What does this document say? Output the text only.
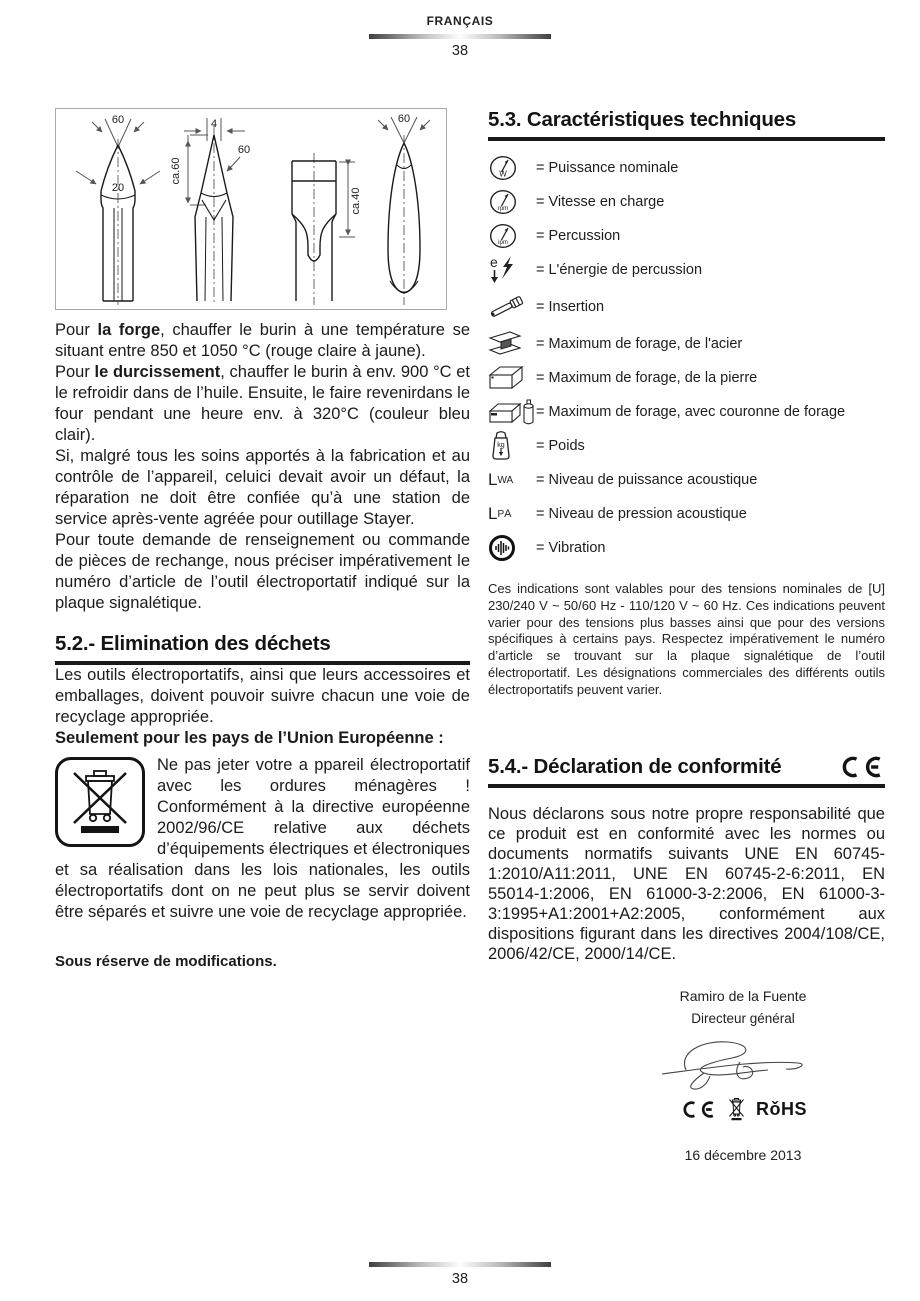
FRANÇAIS
38
60
20
4
ca.60
60
ca.40
60

Pour la forge, chauffer le burin à une température se situant entre 850 et 1050 °C (rouge claire à jaune).

Pour le durcissement, chauffer le burin à env. 900 °C et le refroidir dans de l’huile. Ensuite, le faire revenirdans le four pendant une heure env. à 320°C (couleur bleu clair).

Si, malgré tous les soins apportés à la fabrication et au contrôle de l’appareil, celuici devait avoir un défaut, la réparation ne doit être confiée qu’à une station de service après-vente agréée pour outillage Stayer.

Pour toute demande de renseignement ou commande de pièces de rechange, nous préciser impérativement le numéro d’article de l’outil électroportatif indiqué sur la plaque signalétique.

5.2.- Elimination des déchets

Les outils électroportatifs, ainsi que leurs accessoires et emballages, doivent pouvoir suivre chacun une voie de recyclage appropriée.

Seulement pour les pays de l’Union Européenne :

Ne pas jeter votre a ppareil électroportatif avec les ordures ménagères ! Conformément à la directive européenne 2002/96/CE relative aux déchets d’équipements électriques et électroniques et sa réalisation dans les lois nationales, les outils électroportatifs dont on ne peut plus se servir doivent être séparés et suivre une voie de recyclage appropriée.

Sous réserve de modifications.

5.3. Caractéristiques techniques
W = Puissance nominale
rpm = Vitesse en charge
ipm = Percussion
e	= L'énergie de percussion
= Insertion
= Maximum de forage, de l'acier
= Maximum de forage, de la pierre
= Maximum de forage, avec couronne de forage
kg = Poids
L WA = Niveau de puissance acoustique
L P A = Niveau de pression acoustique
= Vibration

Ces indications sont valables pour des tensions nominales de [U] 230/240 V ~ 50/60 Hz - 110/120 V ~ 60 Hz. Ces indications peuvent varier pour des tensions plus basses ainsi que pour des versions spécifiques à certains pays. Respectez impérativement le numéro d’article se trouvant sur la plaque signalétique de l’outil électroportatif. Les désignations commerciales des différents outils électroportatifs peuvent varier.

5.4.- Déclaration de conformité

Nous déclarons sous notre propre responsabilité que ce produit est en conformité avec les normes ou documents normatifs suivants UNE EN 60745-1:2010/A11:2011, UNE EN 60745-2-6:2011, EN 55014-1:2006, EN 61000-3-2:2006, EN 61000-3-3:1995+A1:2001+A2:2005, conformément aux dispositions figurant dans les directives 2004/108/CE, 2006/42/CE, 2000/14/CE.

Ramiro de la Fuente
Directeur général
RǒHS
16 décembre 2013
38
